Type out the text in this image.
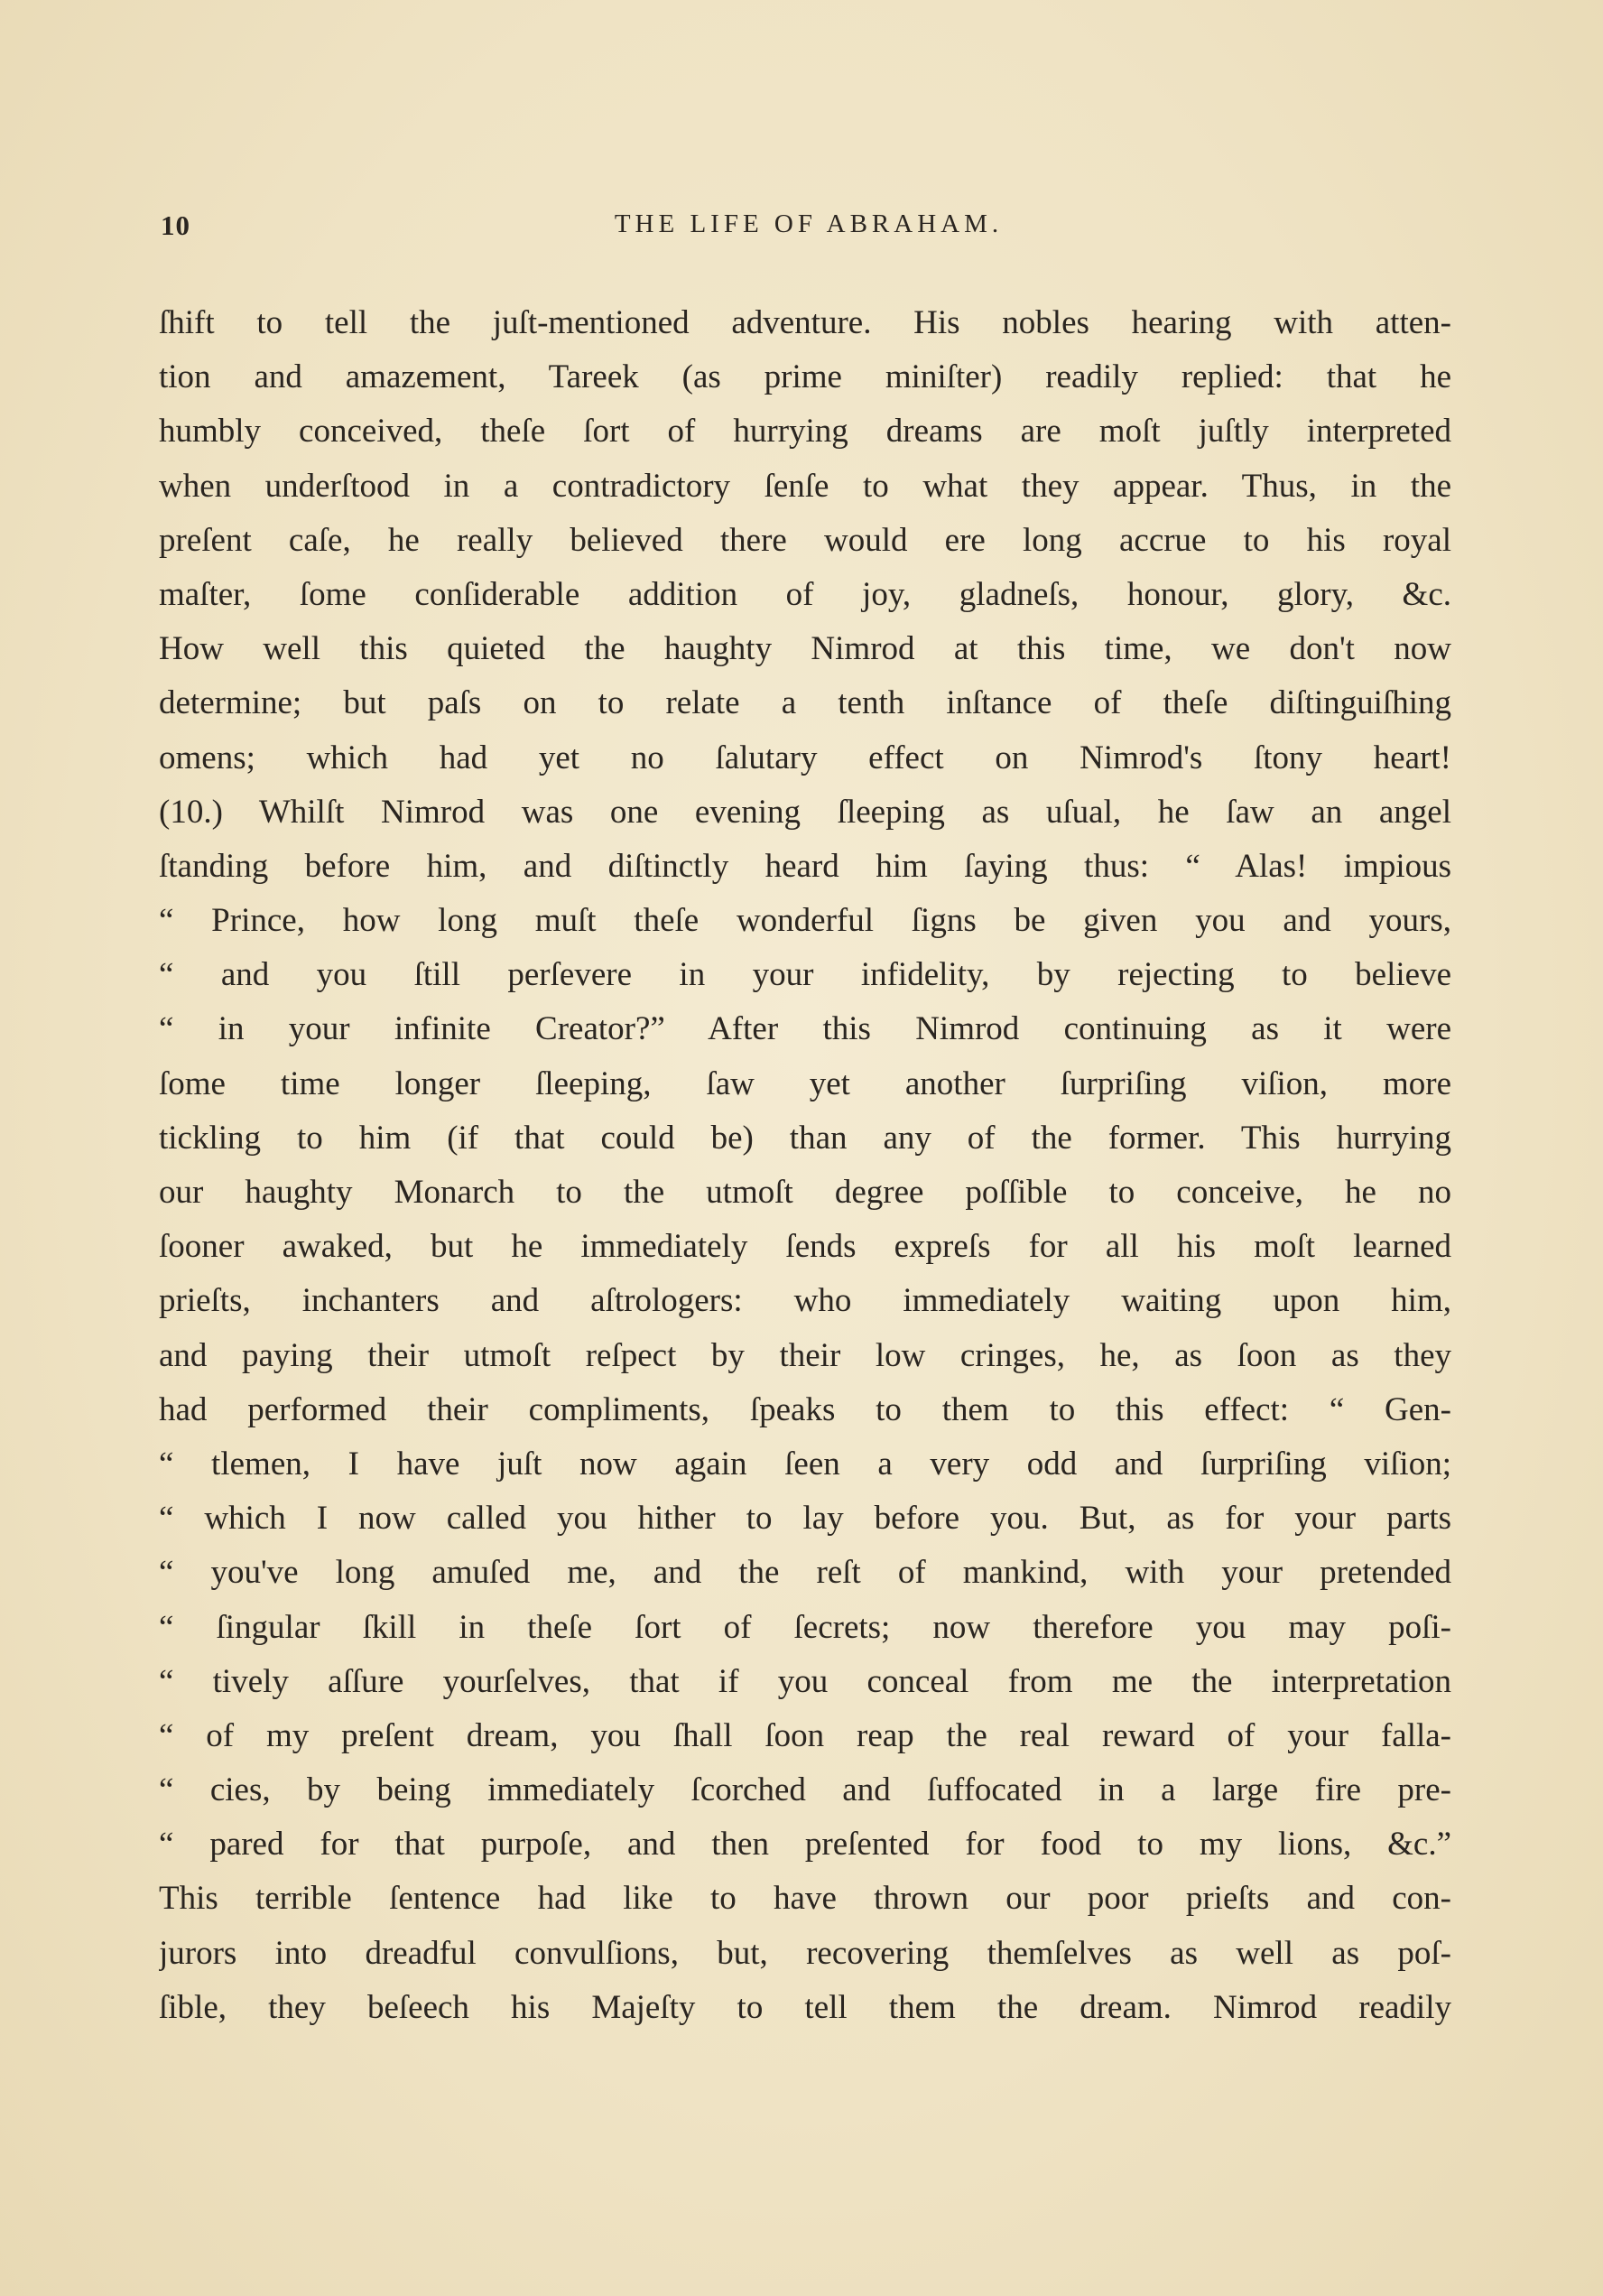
10	THE LIFE OF ABRAHAM.
ſhift to tell the juſt-mentioned adventure. His nobles hearing with atten-
tion and amazement, Tareek (as prime miniſter) readily replied: that he
humbly conceived, theſe ſort of hurrying dreams are moſt juſtly interpreted
when underſtood in a contradictory ſenſe to what they appear. Thus, in the
preſent caſe, he really believed there would ere long accrue to his royal
maſter, ſome conſiderable addition of joy, gladneſs, honour, glory, &c.
How well this quieted the haughty Nimrod at this time, we don't now
determine; but paſs on to relate a tenth inſtance of theſe diſtinguiſhing
omens; which had yet no ſalutary effect on Nimrod's ſtony heart!
(10.) Whilſt Nimrod was one evening ſleeping as uſual, he ſaw an angel
ſtanding before him, and diſtinctly heard him ſaying thus: “ Alas! impious
“ Prince, how long muſt theſe wonderful ſigns be given you and yours,
“ and you ſtill perſevere in your infidelity, by rejecting to believe
“ in your infinite Creator?” After this Nimrod continuing as it were
ſome time longer ſleeping, ſaw yet another ſurpriſing viſion, more
tickling to him (if that could be) than any of the former. This hurrying
our haughty Monarch to the utmoſt degree poſſible to conceive, he no
ſooner awaked, but he immediately ſends expreſs for all his moſt learned
prieſts, inchanters and aſtrologers: who immediately waiting upon him,
and paying their utmoſt reſpect by their low cringes, he, as ſoon as they
had performed their compliments, ſpeaks to them to this effect: “ Gen-
“ tlemen, I have juſt now again ſeen a very odd and ſurpriſing viſion;
“ which I now called you hither to lay before you. But, as for your parts
“ you've long amuſed me, and the reſt of mankind, with your pretended
“ ſingular ſkill in theſe ſort of ſecrets; now therefore you may poſi-
“ tively aſſure yourſelves, that if you conceal from me the interpretation
“ of my preſent dream, you ſhall ſoon reap the real reward of your falla-
“ cies, by being immediately ſcorched and ſuffocated in a large fire pre-
“ pared for that purpoſe, and then preſented for food to my lions, &c.”
This terrible ſentence had like to have thrown our poor prieſts and con-
jurors into dreadful convulſions, but, recovering themſelves as well as poſ-
ſible, they beſeech his Majeſty to tell them the dream. Nimrod readily
